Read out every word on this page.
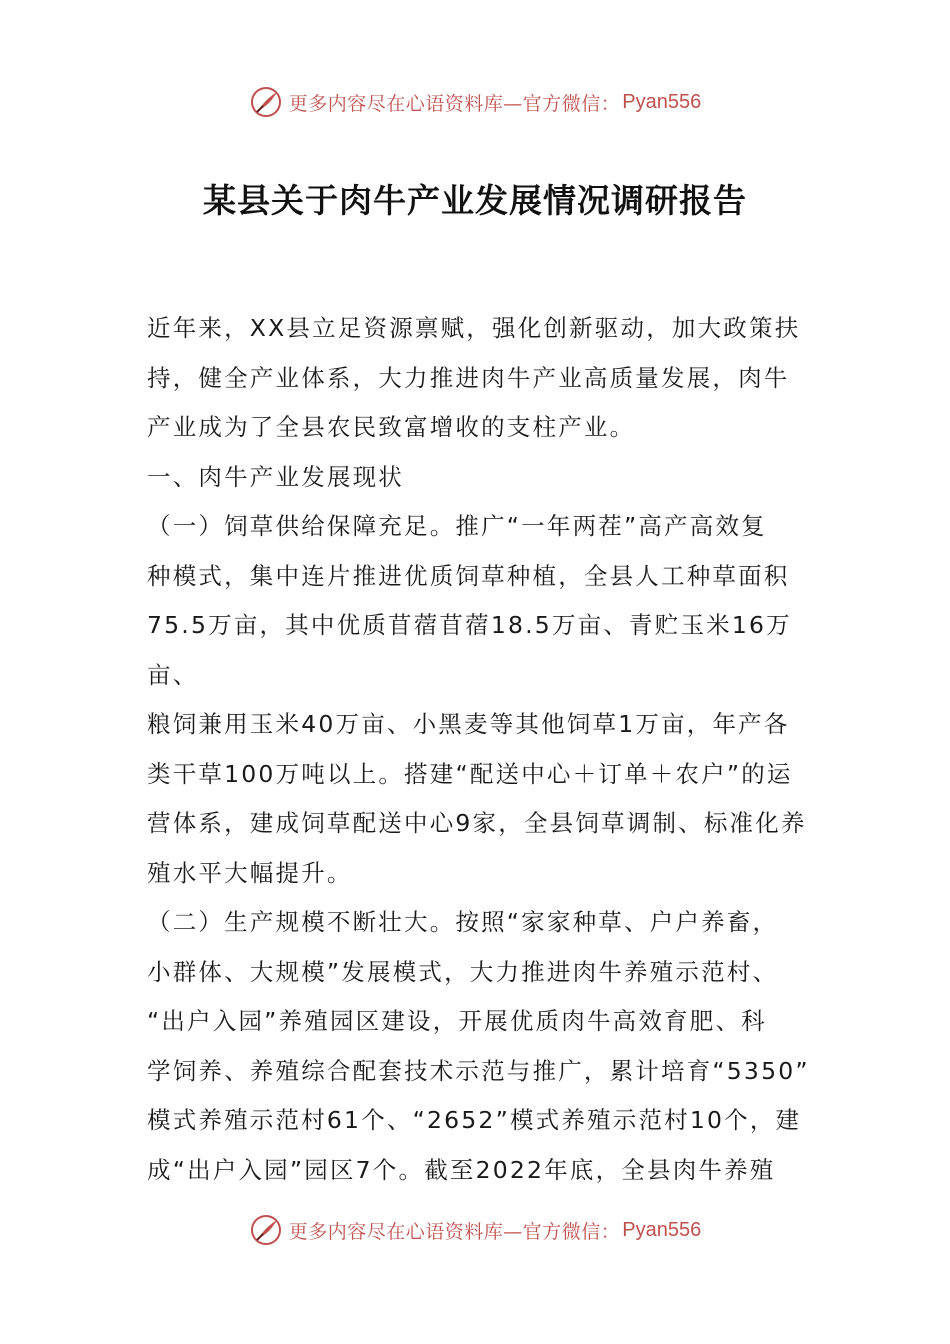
更多内容尽在心语资料库—官方微信： Pyan556
某县关于肉牛产业发展情况调研报告

近年来，XX县立足资源禀赋，强化创新驱动，加大政策扶

持，健全产业体系，大力推进肉牛产业高质量发展，肉牛

产业成为了全县农民致富增收的支柱产业。

一、肉牛产业发展现状

（一）饲草供给保障充足。推广“一年两茬”高产高效复

种模式，集中连片推进优质饲草种植，全县人工种草面积

75.5万亩，其中优质苜蓿苜蓿18.5万亩、青贮玉米16万亩、

粮饲兼用玉米40万亩、小黑麦等其他饲草1万亩，年产各

类干草100万吨以上。搭建“配送中心＋订单＋农户”的运

营体系，建成饲草配送中心9家，全县饲草调制、标准化养

殖水平大幅提升。

（二）生产规模不断壮大。按照“家家种草、户户养畜，

小群体、大规模”发展模式，大力推进肉牛养殖示范村、

“出户入园”养殖园区建设，开展优质肉牛高效育肥、科

学饲养、养殖综合配套技术示范与推广，累计培育“5350”

模式养殖示范村61个、“2652”模式养殖示范村10个，建

成“出户入园”园区7个。截至2022年底，全县肉牛养殖

更多内容尽在心语资料库—官方微信： Pyan556
